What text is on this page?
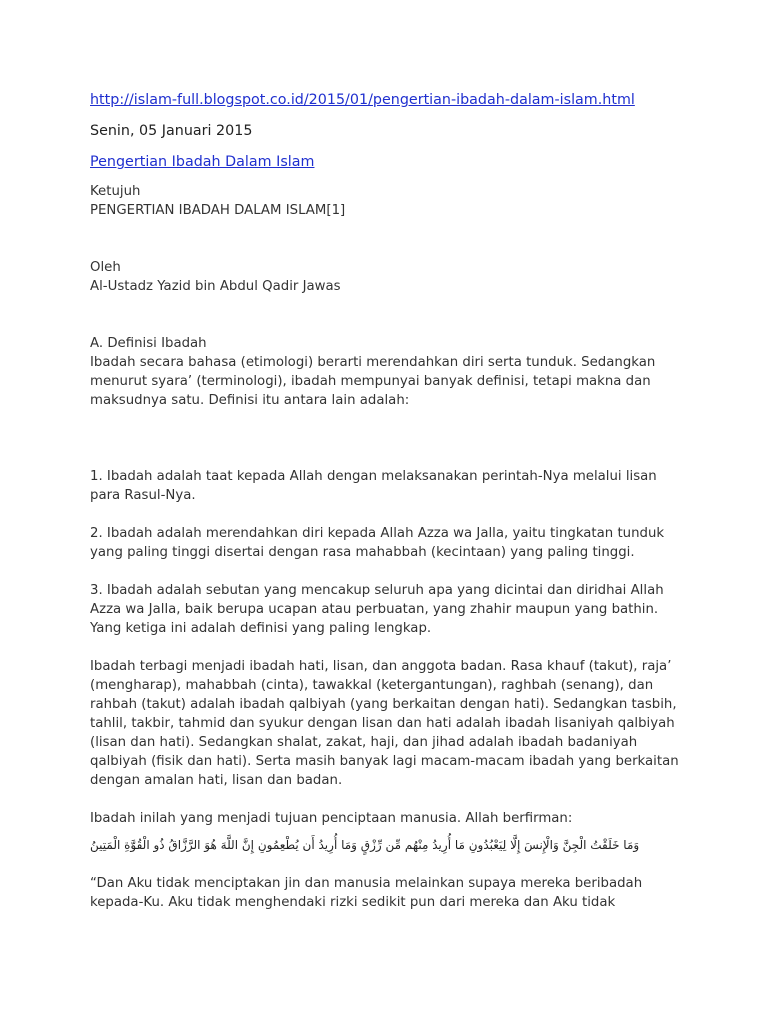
http://islam-full.blogspot.co.id/2015/01/pengertian-ibadah-dalam-islam.html

Senin, 05 Januari 2015

Pengertian Ibadah Dalam Islam

Ketujuh

PENGERTIAN IBADAH DALAM ISLAM[1]

Oleh

Al-Ustadz Yazid bin Abdul Qadir Jawas

A. Definisi Ibadah

Ibadah secara bahasa (etimologi) berarti merendahkan diri serta tunduk. Sedangkan

menurut syara’ (terminologi), ibadah mempunyai banyak definisi, tetapi makna dan

maksudnya satu. Definisi itu antara lain adalah:

1. Ibadah adalah taat kepada Allah dengan melaksanakan perintah-Nya melalui lisan

para Rasul-Nya.

2. Ibadah adalah merendahkan diri kepada Allah Azza wa Jalla, yaitu tingkatan tunduk

yang paling tinggi disertai dengan rasa mahabbah (kecintaan) yang paling tinggi.

3. Ibadah adalah sebutan yang mencakup seluruh apa yang dicintai dan diridhai Allah

Azza wa Jalla, baik berupa ucapan atau perbuatan, yang zhahir maupun yang bathin.

Yang ketiga ini adalah definisi yang paling lengkap.

Ibadah terbagi menjadi ibadah hati, lisan, dan anggota badan. Rasa khauf (takut), raja’

(mengharap), mahabbah (cinta), tawakkal (ketergantungan), raghbah (senang), dan

rahbah (takut) adalah ibadah qalbiyah (yang berkaitan dengan hati). Sedangkan tasbih,

tahlil, takbir, tahmid dan syukur dengan lisan dan hati adalah ibadah lisaniyah qalbiyah

(lisan dan hati). Sedangkan shalat, zakat, haji, dan jihad adalah ibadah badaniyah

qalbiyah (fisik dan hati). Serta masih banyak lagi macam-macam ibadah yang berkaitan

dengan amalan hati, lisan dan badan.

Ibadah inilah yang menjadi tujuan penciptaan manusia. Allah berfirman:

وَمَا خَلَقْتُ الْجِنَّ وَالْإِنسَ إِلَّا لِيَعْبُدُونِ مَا أُرِيدُ مِنْهُم مِّن رِّزْقٍ وَمَا أُرِيدُ أَن يُطْعِمُونِ إِنَّ اللَّهَ هُوَ الرَّزَّاقُ ذُو الْقُوَّةِ الْمَتِينُ

“Dan Aku tidak menciptakan jin dan manusia melainkan supaya mereka beribadah

kepada-Ku. Aku tidak menghendaki rizki sedikit pun dari mereka dan Aku tidak
